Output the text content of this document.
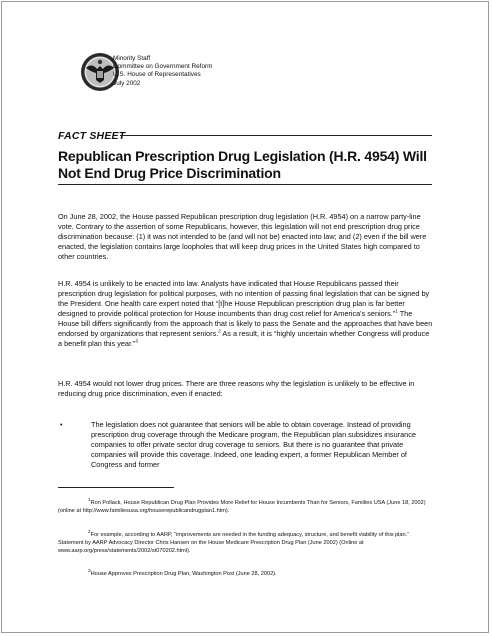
Minority Staff
Committee on Government Reform
U.S. House of Representatives
July 2002
FACT SHEET
Republican Prescription Drug Legislation (H.R. 4954) Will Not End Drug Price Discrimination

On June 28, 2002, the House passed Republican prescription drug legislation (H.R. 4954) on a narrow party-line vote. Contrary to the assertion of some Republicans, however, this legislation will not end prescription drug price discrimination because: (1) it was not intended to be (and will not be) enacted into law; and (2) even if the bill were enacted, the legislation contains large loopholes that will keep drug prices in the United States high compared to other countries.

H.R. 4954 is unlikely to be enacted into law. Analysts have indicated that House Republicans passed their prescription drug legislation for political purposes, with no intention of passing final legislation that can be signed by the President. One health care expert noted that “[t]he House Republican prescription drug plan is far better designed to provide political protection for House incumbents than drug cost relief for America's seniors.”$^1$ The House bill differs significantly from the approach that is likely to pass the Senate and the approaches that have been endorsed by organizations that represent seniors.$^2$ As a result, it is “highly uncertain whether Congress will produce a benefit plan this year.”$^3$

H.R. 4954 would not lower drug prices. There are three reasons why the legislation is unlikely to be effective in reducing drug price discrimination, even if enacted:

•	The legislation does not guarantee that seniors will be able to obtain coverage. Instead of providing prescription drug coverage through the Medicare program, the Republican plan subsidizes insurance companies to offer private sector drug coverage to seniors. But there is no guarantee that private companies will provide this coverage. Indeed, one leading expert, a former Republican Member of Congress and former

$^1$Ron Pollack, House Republican Drug Plan Provides More Relief for House Incumbents Than for Seniors, Families USA (June 18, 2002) (online at http://www.familiesusa.org/houserepublicandrugplan1.htm).

$^2$For example, according to AARP, “improvements are needed in the funding adequacy, structure, and benefit viability of this plan.” Statement by AARP Advocacy Director Chris Hansen on the House Medicare Prescription Drug Plan (June 2002) (Online at www.aarp.org/press/statements/2002/st070202.html).

$^3$House Approves Prescription Drug Plan, Washington Post (June 28, 2002).
